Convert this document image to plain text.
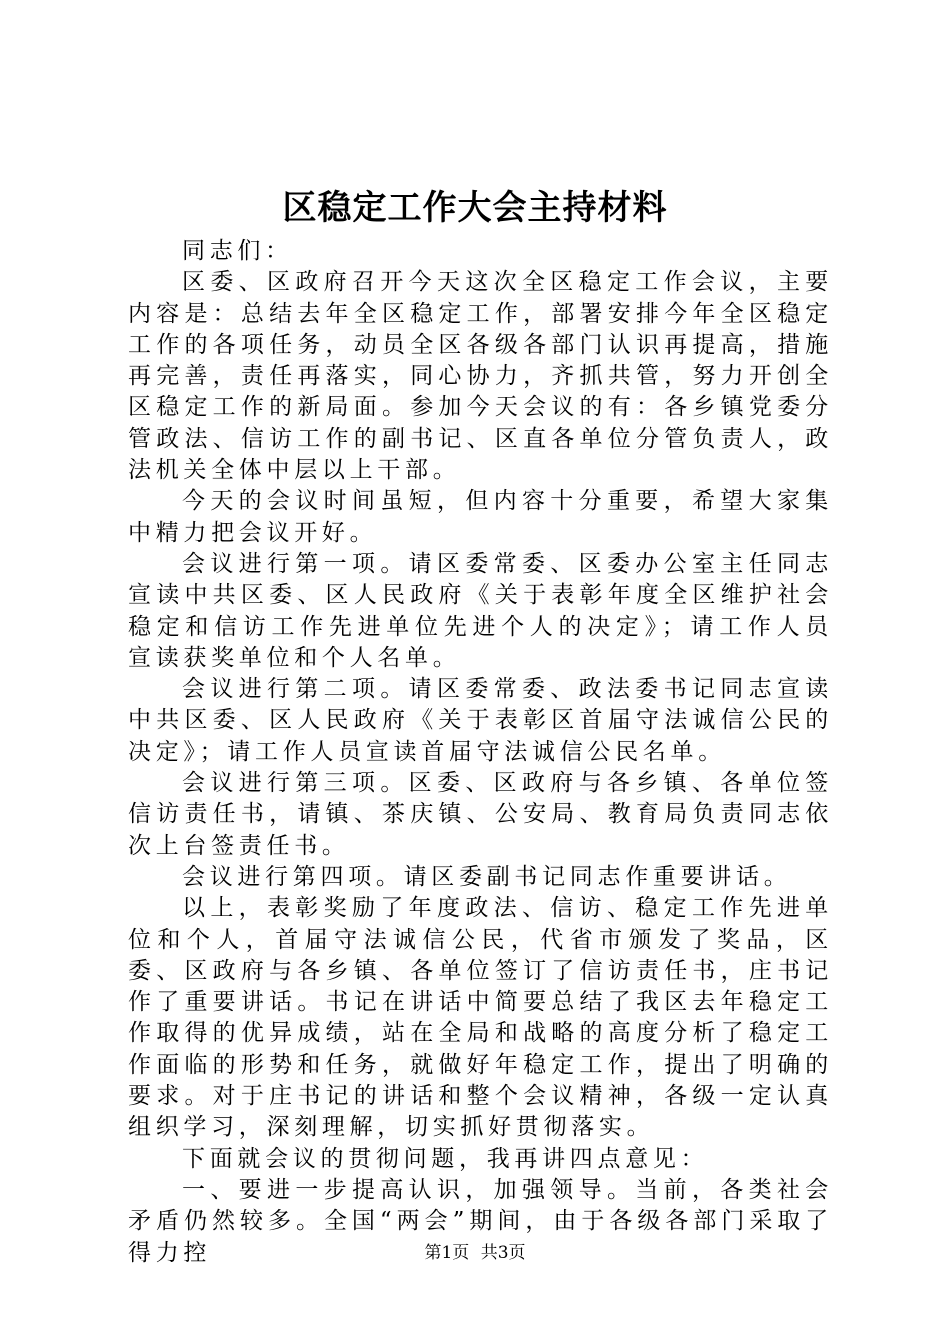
区稳定工作大会主持材料

同志们：

区委、区政府召开今天这次全区稳定工作会议，主要内容是：总结去年全区稳定工作，部署安排今年全区稳定工作的各项任务，动员全区各级各部门认识再提高，措施再完善，责任再落实，同心协力，齐抓共管，努力开创全区稳定工作的新局面。参加今天会议的有：各乡镇党委分管政法、信访工作的副书记、区直各单位分管负责人，政法机关全体中层以上干部。

今天的会议时间虽短，但内容十分重要，希望大家集中精力把会议开好。

会议进行第一项。请区委常委、区委办公室主任同志宣读中共区委、区人民政府《关于表彰年度全区维护社会稳定和信访工作先进单位先进个人的决定》；请工作人员宣读获奖单位和个人名单。

会议进行第二项。请区委常委、政法委书记同志宣读中共区委、区人民政府《关于表彰区首届守法诚信公民的决定》；请工作人员宣读首届守法诚信公民名单。

会议进行第三项。区委、区政府与各乡镇、各单位签信访责任书，请镇、茶庆镇、公安局、教育局负责同志依次上台签责任书。

会议进行第四项。请区委副书记同志作重要讲话。

以上，表彰奖励了年度政法、信访、稳定工作先进单位和个人，首届守法诚信公民，代省市颁发了奖品，区委、区政府与各乡镇、各单位签订了信访责任书，庄书记作了重要讲话。书记在讲话中简要总结了我区去年稳定工作取得的优异成绩，站在全局和战略的高度分析了稳定工作面临的形势和任务，就做好年稳定工作，提出了明确的要求。对于庄书记的讲话和整个会议精神，各级一定认真组织学习，深刻理解，切实抓好贯彻落实。

下面就会议的贯彻问题，我再讲四点意见：

一、要进一步提高认识，加强领导。当前，各类社会矛盾仍然较多。全国“两会”期间，由于各级各部门采取了得力控	第1页 共3页
